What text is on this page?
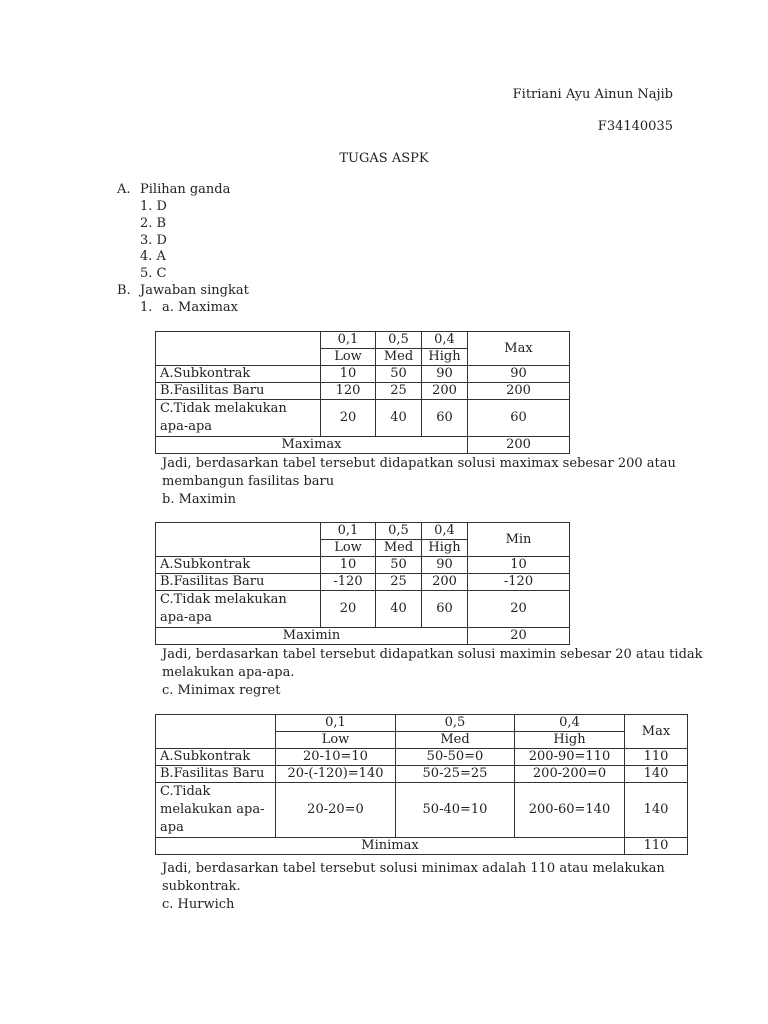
Fitriani Ayu Ainun Najib
F34140035
TUGAS ASPK
A. Pilihan ganda
1. D
2. B
3. D
4. A
5. C
B. Jawaban singkat
1. a. Maximax
	0,1	0,5	0,4	Max
	Low	Med	High	
A.Subkontrak	10	50	90	90
B.Fasilitas Baru	120	25	200	200
C.Tidak melakukan apa-apa	20	40	60	60
Maximax				200
Jadi, berdasarkan tabel tersebut didapatkan solusi maximax sebesar 200 atau
membangun fasilitas baru
b. Maximin
	0,1	0,5	0,4	Min
	Low	Med	High	
A.Subkontrak	10	50	90	10
B.Fasilitas Baru	-120	25	200	-120
C.Tidak melakukan apa-apa	20	40	60	20
Maximin				20
Jadi, berdasarkan tabel tersebut didapatkan solusi maximin sebesar 20 atau tidak
melakukan apa-apa.
c. Minimax regret
	0,1	0,5	0,4	Max
	Low	Med	High	
A.Subkontrak	20-10=10	50-50=0	200-90=110	110
B.Fasilitas Baru	20-(-120)=140	50-25=25	200-200=0	140
C.Tidak melakukan apa-apa	20-20=0	50-40=10	200-60=140	140
Minimax				110
Jadi, berdasarkan tabel tersebut solusi minimax adalah 110 atau melakukan
subkontrak.
c. Hurwich
